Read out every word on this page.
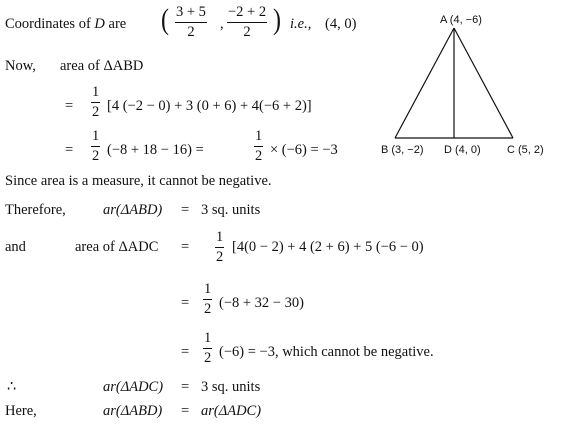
Coordinates of D are ( $\frac{3 + 5}{2}$ , $\frac{-2 + 2}{2}$ ) i.e., (4, 0)
Now, area of ΔABD
= $\frac{1}{2} [4$ (−2 − 0) + 3 (0 + 6) + 4(−6 + 2)]
= $\frac{1}{2} (-8 + 18 - 16)$ =	$\frac{1}{2} \times (-6) = -3$
Since area is a measure, it cannot be negative.
Therefore,	ar(ΔABD) = 3 sq. units
and	area of $\Delta ADC = \frac{1}{2} [4(0 - 2) + 4$ (2 + 6) + 5 (−6 − 0)
= $\frac{1}{2} (-8 + 32 - 30)$
= $\frac{1}{2} (-6) = -3$, which cannot be negative.
∴	ar(ΔADC) = 3 sq. units
Here,	ar(ΔABD) = ar(ΔADC)
A (4, −6)
B (3, −2) D (4, 0) C (5, 2)
